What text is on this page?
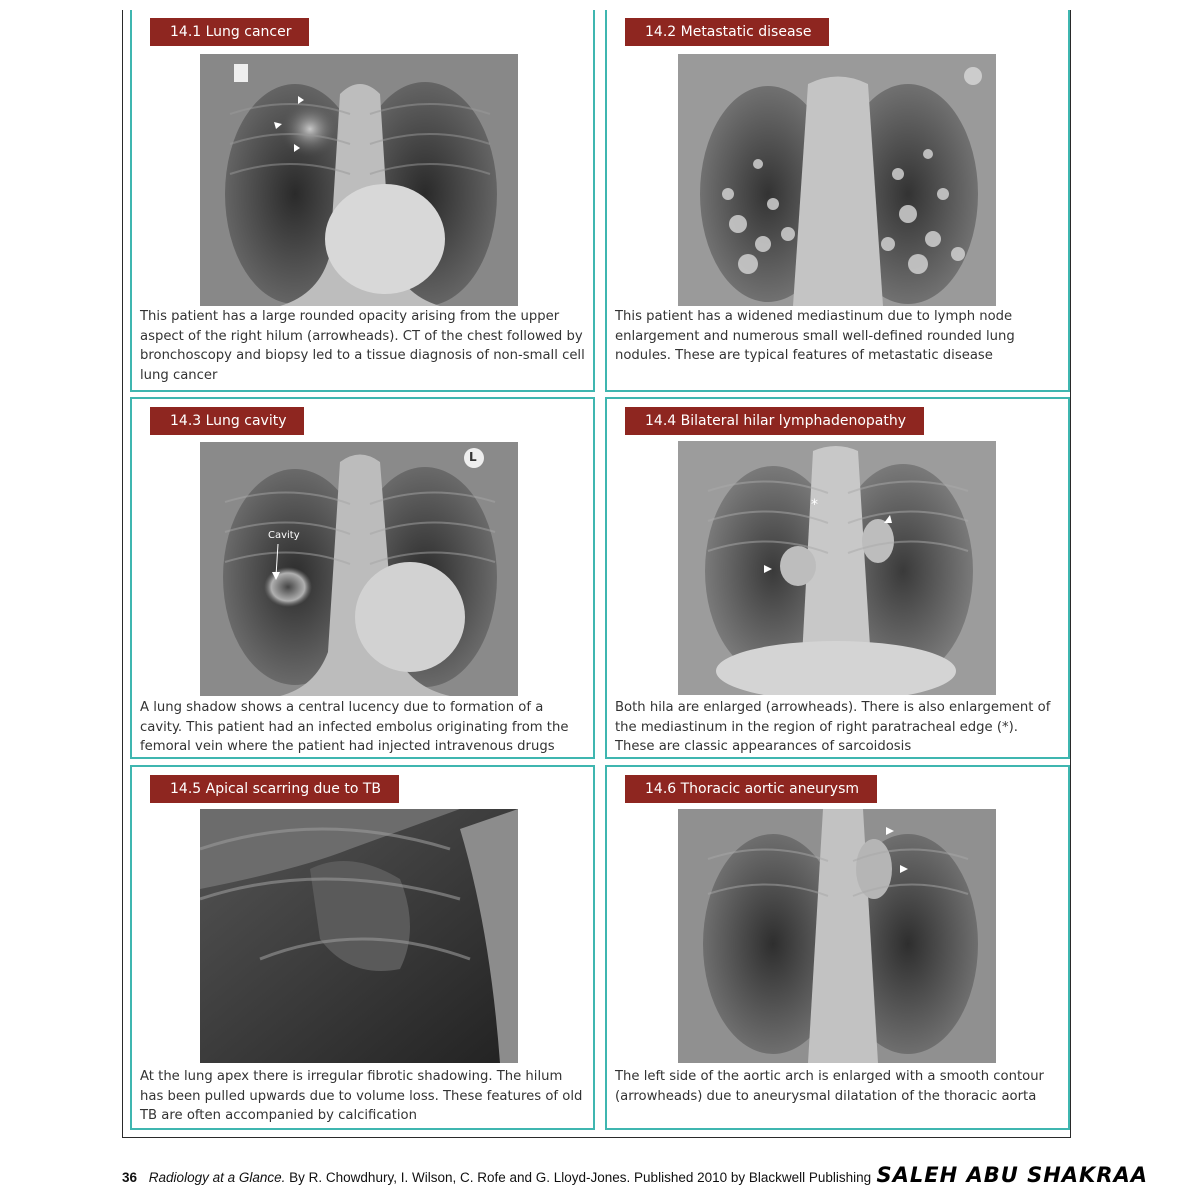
14.1 Lung cancer
This patient has a large rounded opacity arising from the upper aspect of the right hilum (arrowheads). CT of the chest followed by bronchoscopy and biopsy led to a tissue diagnosis of non-small cell lung cancer
14.2 Metastatic disease
This patient has a widened mediastinum due to lymph node enlargement and numerous small well-defined rounded lung nodules. These are typical features of metastatic disease
14.3 Lung cavity
Cavity
L
A lung shadow shows a central lucency due to formation of a cavity. This patient had an infected embolus originating from the femoral vein where the patient had injected intravenous drugs
14.4 Bilateral hilar lymphadenopathy
*
Both hila are enlarged (arrowheads). There is also enlargement of the mediastinum in the region of right paratracheal edge (*). These are classic appearances of sarcoidosis
14.5 Apical scarring due to TB
At the lung apex there is irregular fibrotic shadowing. The hilum has been pulled upwards due to volume loss. These features of old TB are often accompanied by calcification
14.6 Thoracic aortic aneurysm
The left side of the aortic arch is enlarged with a smooth contour (arrowheads) due to aneurysmal dilatation of the thoracic aorta
36 Radiology at a Glance. By R. Chowdhury, I. Wilson, C. Rofe and G. Lloyd-Jones. Published 2010 by Blackwell Publishing SALEH ABU SHAKRAA
